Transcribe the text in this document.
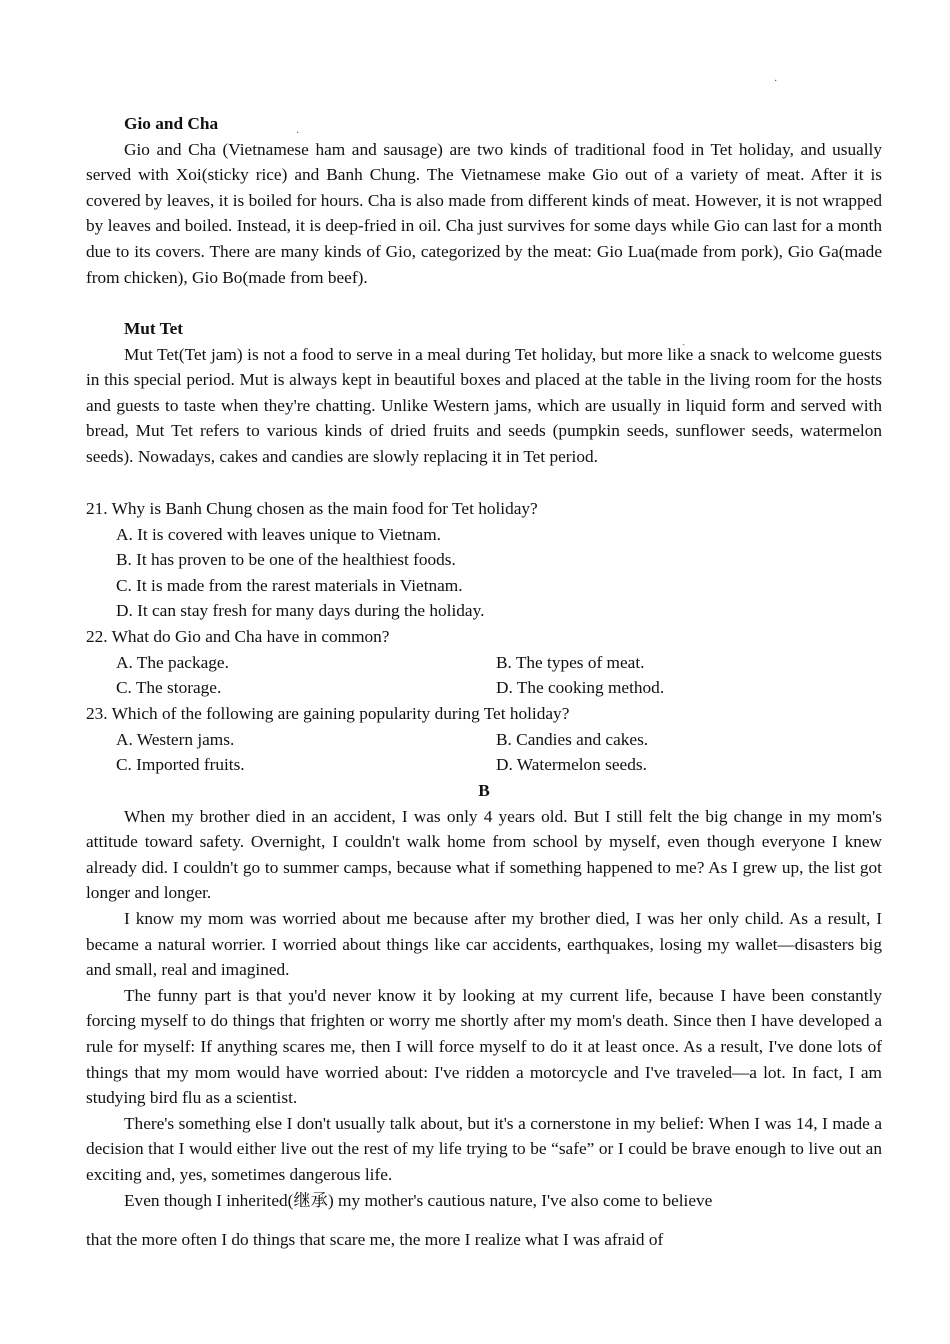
Gio and Cha

Gio and Cha (Vietnamese ham and sausage) are two kinds of traditional food in Tet holiday, and usually served with Xoi(sticky rice) and Banh Chung. The Vietnamese make Gio out of a variety of meat. After it is covered by leaves, it is boiled for hours. Cha is also made from different kinds of meat. However, it is not wrapped by leaves and boiled. Instead, it is deep-fried in oil. Cha just survives for some days while Gio can last for a month due to its covers. There are many kinds of Gio, categorized by the meat: Gio Lua(made from pork), Gio Ga(made from chicken), Gio Bo(made from beef).

Mut Tet

Mut Tet(Tet jam) is not a food to serve in a meal during Tet holiday, but more like a snack to welcome guests in this special period. Mut is always kept in beautiful boxes and placed at the table in the living room for the hosts and guests to taste when they're chatting. Unlike Western jams, which are usually in liquid form and served with bread, Mut Tet refers to various kinds of dried fruits and seeds (pumpkin seeds, sunflower seeds, watermelon seeds). Nowadays, cakes and candies are slowly replacing it in Tet period.

21. Why is Banh Chung chosen as the main food for Tet holiday?

A. It is covered with leaves unique to Vietnam.
B. It has proven to be one of the healthiest foods.
C. It is made from the rarest materials in Vietnam.
D. It can stay fresh for many days during the holiday.

22. What do Gio and Cha have in common?

A. The package.	B. The types of meat.
C. The storage.	D. The cooking method.

23. Which of the following are gaining popularity during Tet holiday?

A. Western jams.	B. Candies and cakes.
C. Imported fruits.	D. Watermelon seeds.
B

When my brother died in an accident, I was only 4 years old. But I still felt the big change in my mom's attitude toward safety. Overnight, I couldn't walk home from school by myself, even though everyone I knew already did. I couldn't go to summer camps, because what if something happened to me? As I grew up, the list got longer and longer.

I know my mom was worried about me because after my brother died, I was her only child. As a result, I became a natural worrier. I worried about things like car accidents, earthquakes, losing my wallet—disasters big and small, real and imagined.

The funny part is that you'd never know it by looking at my current life, because I have been constantly forcing myself to do things that frighten or worry me shortly after my mom's death. Since then I have developed a rule for myself: If anything scares me, then I will force myself to do it at least once. As a result, I've done lots of things that my mom would have worried about: I've ridden a motorcycle and I've traveled—a lot. In fact, I am studying bird flu as a scientist.

There's something else I don't usually talk about, but it's a cornerstone in my belief: When I was 14, I made a decision that I would either live out the rest of my life trying to be “safe” or I could be brave enough to live out an exciting and, yes, sometimes dangerous life.

Even though I inherited(继承) my mother's cautious nature, I've also come to believe

that the more often I do things that scare me, the more I realize what I was afraid of
·
·
ˏ
